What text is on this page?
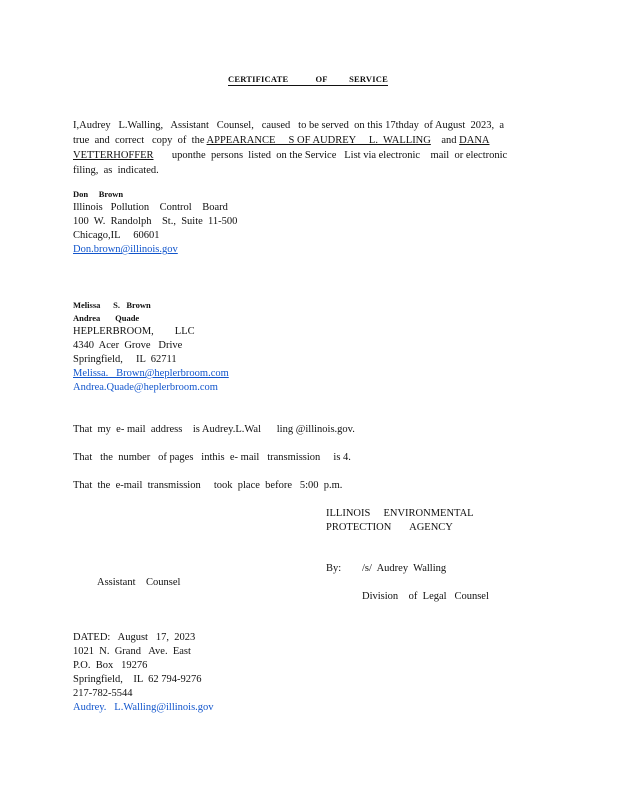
CERTIFICATE	OF	SERVICE
I,Audrey   L.Walling,   Assistant   Counsel,   caused   to be served  on this 17thday  of August  2023,  a
true  and  correct   copy  of  the APPEARANCE     S OF AUDREY     L.  WALLING    and DANA
VETTERHOFFER       uponthe  persons  listed  on the Service   List via electronic    mail  or electronic
filing,  as  indicated.
Don     Brown
Illinois   Pollution    Control    Board
100  W.  Randolph    St.,  Suite  11-500
Chicago,IL     60601
Don.brown@illinois.gov
Melissa      S.   Brown
Andrea       Quade
HEPLERBROOM,        LLC
4340  Acer  Grove   Drive
Springfield,     IL  62711
Melissa.   Brown@heplerbroom.com
Andrea.Quade@heplerbroom.com
That  my  e- mail  address    is Audrey.L.Wal      ling @illinois.gov.
That   the  number   of pages   inthis  e- mail   transmission     is 4.
That  the  e-mail  transmission     took  place  before   5:00  p.m.
ILLINOIS     ENVIRONMENTAL
PROTECTION       AGENCY
By: /s/  Audrey  Walling
Assistant    Counsel
Division    of  Legal   Counsel
DATED:   August   17,  2023
1021  N.  Grand   Ave.  East
P.O.  Box   19276
Springfield,    IL  62 794-9276
217-782-5544
Audrey.   L.Walling@illinois.gov
